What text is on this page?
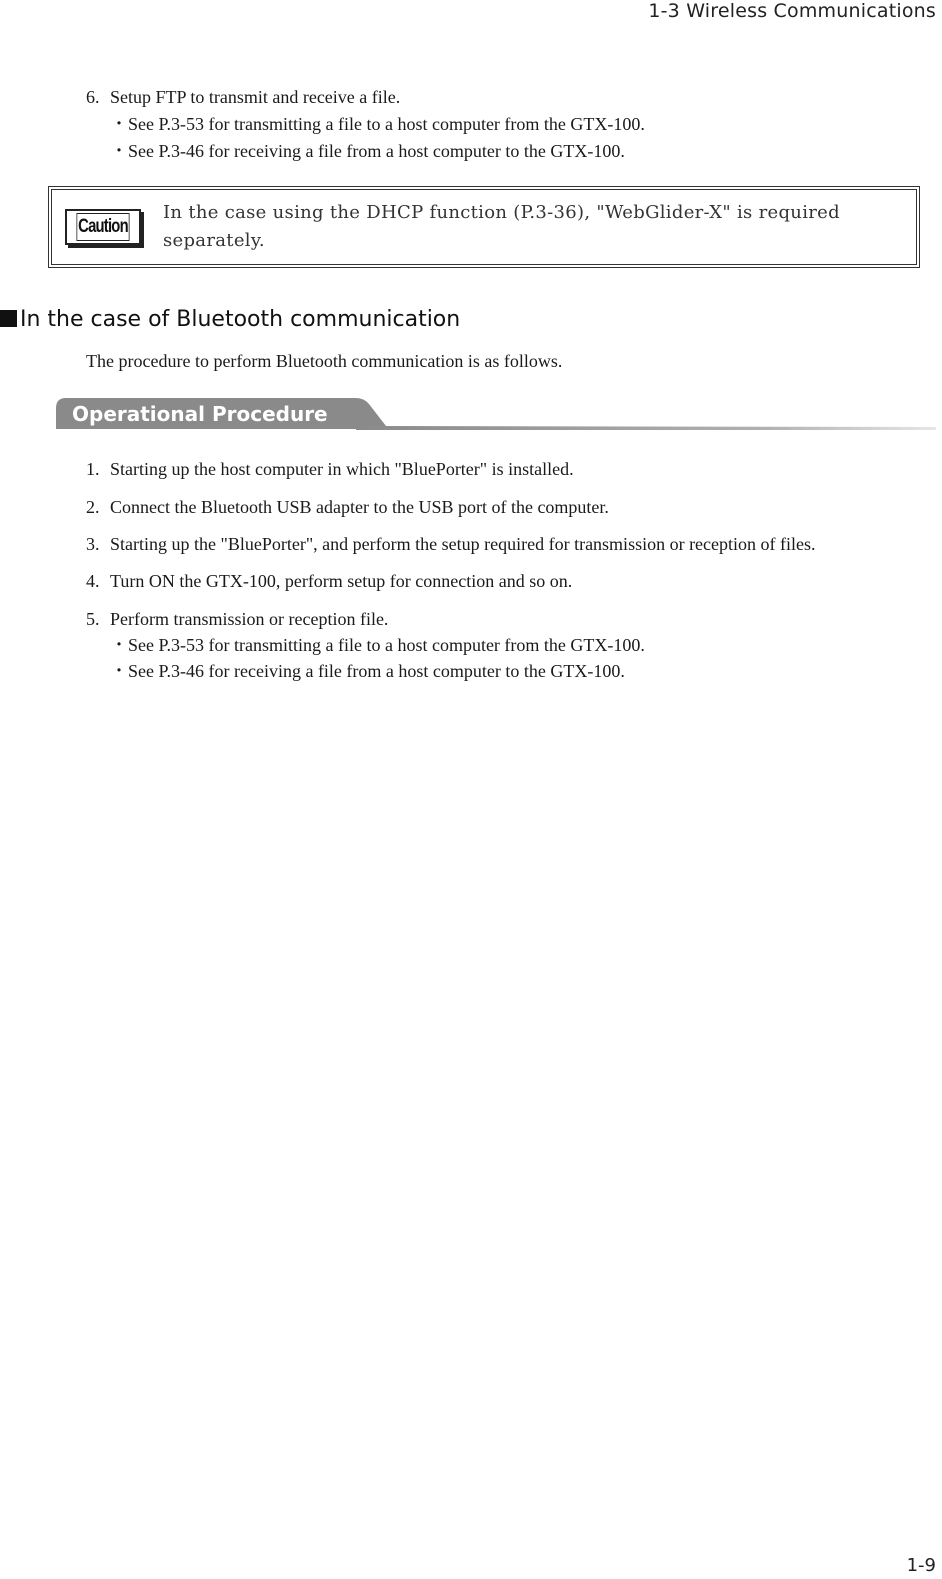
1-3 Wireless Communications
6. Setup FTP to transmit and receive a file.
・See P.3-53 for transmitting a file to a host computer from the GTX-100.
・See P.3-46 for receiving a file from a host computer to the GTX-100.
Caution
In the case using the DHCP function (P.3-36), "WebGlider-X" is required separately.
In the case of Bluetooth communication
The procedure to perform Bluetooth communication is as follows.
Operational Procedure
1. Starting up the host computer in which "BluePorter" is installed.
2. Connect the Bluetooth USB adapter to the USB port of the computer.
3. Starting up the "BluePorter", and perform the setup required for transmission or reception of files.
4. Turn ON the GTX-100, perform setup for connection and so on.
5. Perform transmission or reception file.
・See P.3-53 for transmitting a file to a host computer from the GTX-100.
・See P.3-46 for receiving a file from a host computer to the GTX-100.
1-9
